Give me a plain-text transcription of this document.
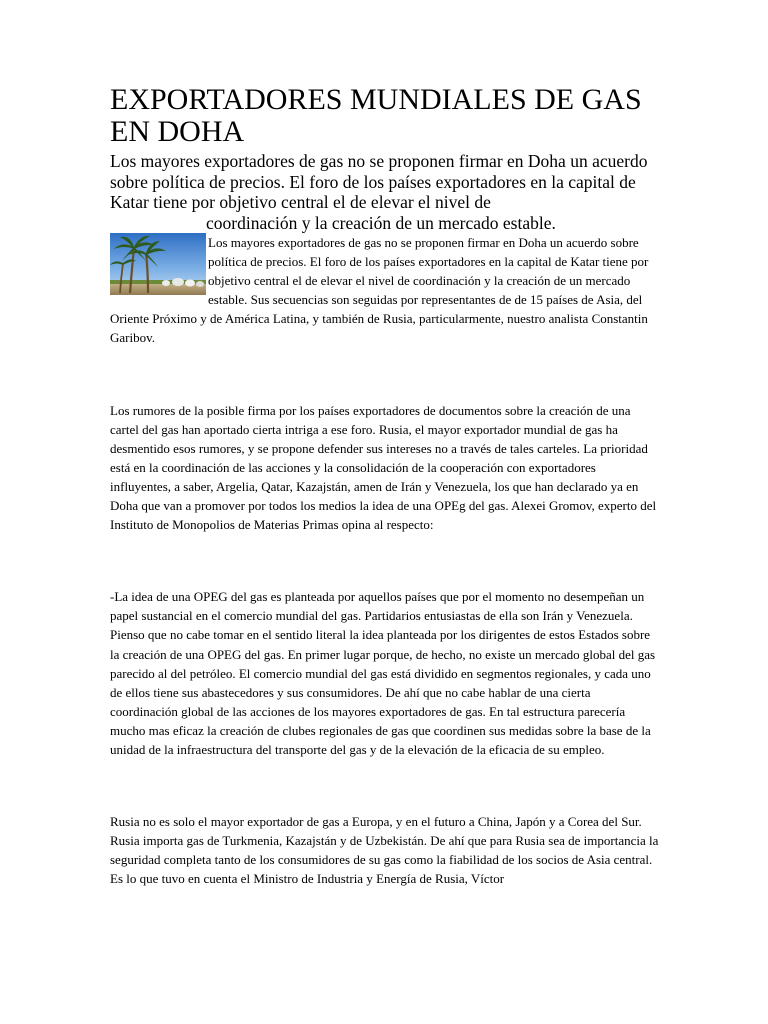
EXPORTADORES MUNDIALES DE GAS EN DOHA

Los mayores exportadores de gas no se proponen firmar en Doha un acuerdo sobre política de precios. El foro de los países exportadores en la capital de Katar tiene por objetivo central el de elevar el nivel de
coordinación y la creación de un mercado estable.

Los mayores exportadores de gas no se proponen firmar en Doha un acuerdo sobre política de precios. El foro de los países exportadores en la capital de Katar tiene por objetivo central el de elevar el nivel de coordinación y la creación de un mercado estable. Sus secuencias son seguidas por representantes de de 15 países de Asia, del Oriente Próximo y de América Latina, y también de Rusia, particularmente, nuestro analista Constantin Garibov.

Los rumores de la posible firma por los países exportadores de documentos sobre la creación de una cartel del gas han aportado cierta intriga a ese foro. Rusia, el mayor exportador mundial de gas ha desmentido esos rumores, y se propone defender sus intereses no a través de tales carteles. La prioridad está en la coordinación de las acciones y la consolidación de la cooperación con exportadores influyentes, a saber, Argelia, Qatar, Kazajstán, amen de Irán y Venezuela, los que han declarado ya en Doha que van a promover por todos los medios la idea de una OPEg del gas. Alexei Gromov, experto del Instituto de Monopolios de Materias Primas opina al respecto:

-La idea de una OPEG del gas es planteada por aquellos países que por el momento no desempeñan un papel sustancial en el comercio mundial del gas. Partidarios entusiastas de ella son Irán y Venezuela. Pienso que no cabe tomar en el sentido literal la idea planteada por los dirigentes de estos Estados sobre la creación de una OPEG del gas. En primer lugar porque, de hecho, no existe un mercado global del gas parecido al del petróleo. El comercio mundial del gas está dividido en segmentos regionales, y cada uno de ellos tiene sus abastecedores y sus consumidores. De ahí que no cabe hablar de una cierta coordinación global de las acciones de los mayores exportadores de gas. En tal estructura parecería mucho mas eficaz la creación de clubes regionales de gas que coordinen sus medidas sobre la base de la unidad de la infraestructura del transporte del gas y de la elevación de la eficacia de su empleo.

Rusia no es solo el mayor exportador de gas a Europa, y en el futuro a China, Japón y a Corea del Sur. Rusia importa gas de Turkmenia, Kazajstán y de Uzbekistán. De ahí que para Rusia sea de importancia la seguridad completa tanto de los consumidores de su gas como la fiabilidad de los socios de Asia central. Es lo que tuvo en cuenta el Ministro de Industria y Energía de Rusia, Víctor
